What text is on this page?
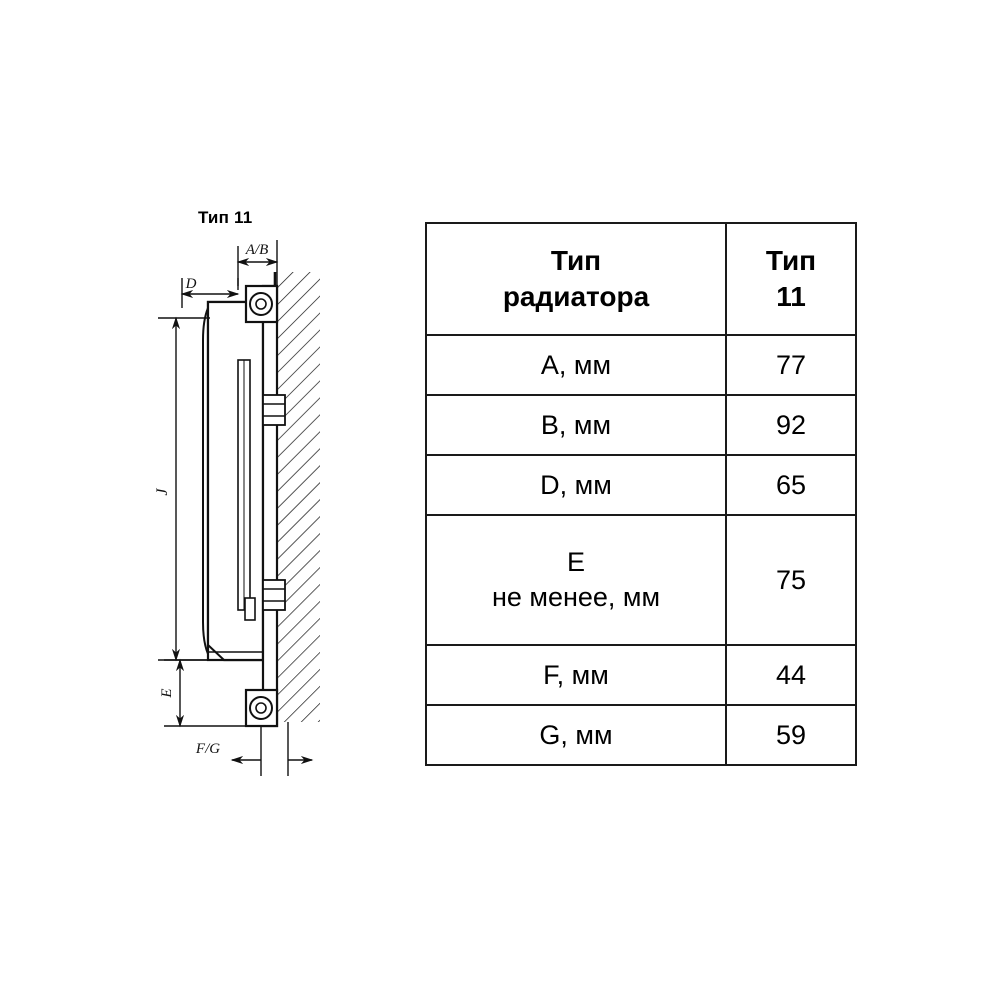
Тип 11
A/B
D
J
E
F/G
Тип
радиатора	Тип
11

A, мм	77
B, мм	92
D, мм	65

E
не менее, мм	75
F, мм	44
G, мм	59
